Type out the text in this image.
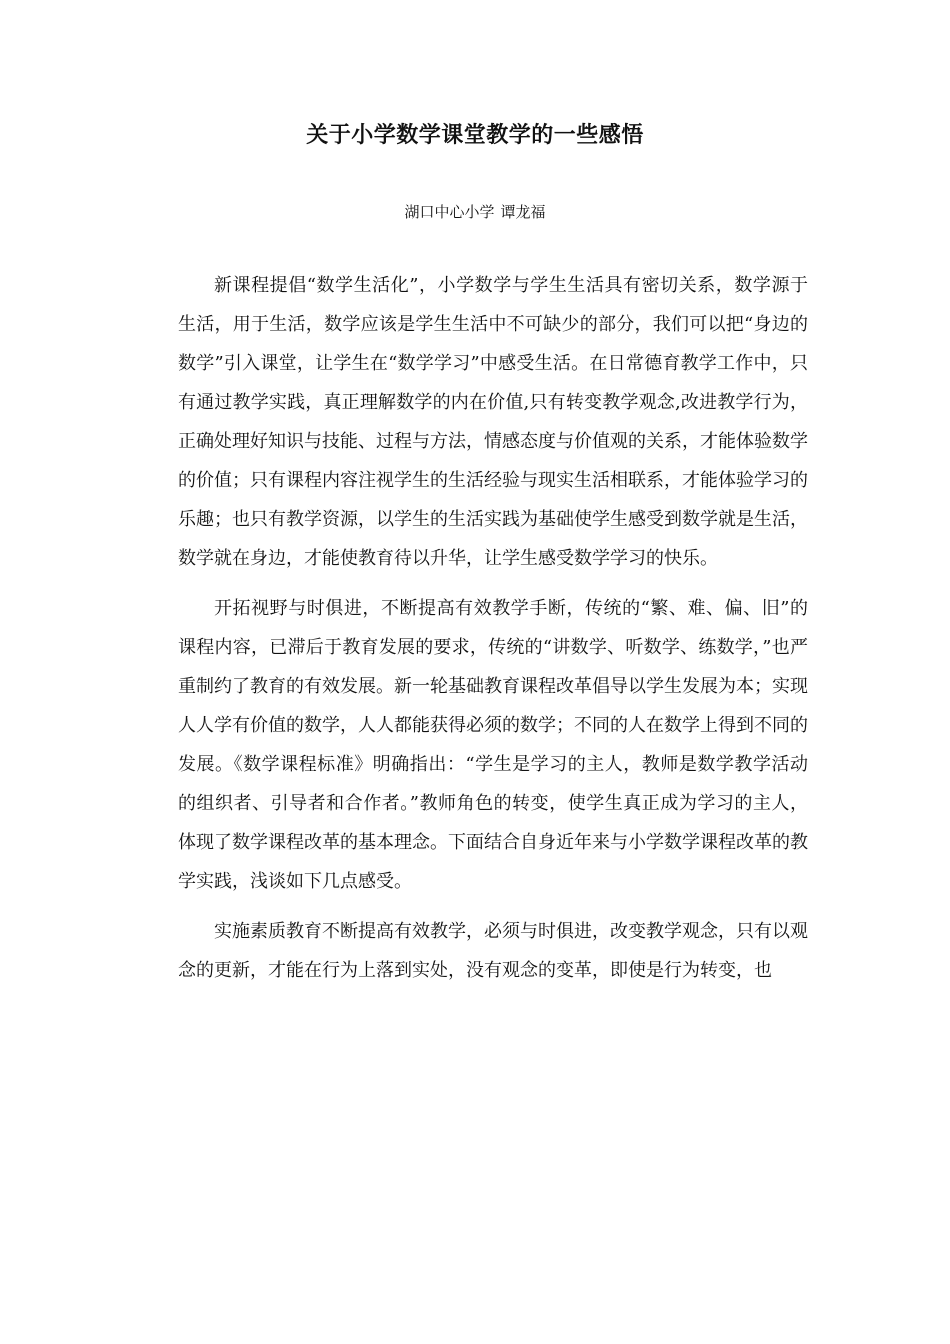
关于小学数学课堂教学的一些感悟
湖口中心小学 谭龙福

新课程提倡“数学生活化”，小学数学与学生生活具有密切关系，数学源于生活，用于生活，数学应该是学生生活中不可缺少的部分，我们可以把“身边的数学”引入课堂，让学生在“数学学习”中感受生活。在日常德育教学工作中，只有通过教学实践，真正理解数学的内在价值,只有转变教学观念,改进教学行为，正确处理好知识与技能、过程与方法，情感态度与价值观的关系，才能体验数学的价值；只有课程内容注视学生的生活经验与现实生活相联系，才能体验学习的乐趣；也只有教学资源，以学生的生活实践为基础使学生感受到数学就是生活，数学就在身边，才能使教育待以升华，让学生感受数学学习的快乐。

开拓视野与时俱进，不断提高有效教学手断，传统的“繁、难、偏、旧”的课程内容，已滞后于教育发展的要求，传统的“讲数学、听数学、练数学，”也严重制约了教育的有效发展。新一轮基础教育课程改革倡导以学生发展为本；实现人人学有价值的数学，人人都能获得必须的数学；不同的人在数学上得到不同的发展。《数学课程标准》明确指出：“学生是学习的主人，教师是数学教学活动的组织者、引导者和合作者。”教师角色的转变，使学生真正成为学习的主人，体现了数学课程改革的基本理念。下面结合自身近年来与小学数学课程改革的教学实践，浅谈如下几点感受。

实施素质教育不断提高有效教学，必须与时俱进，改变教学观念，只有以观念的更新，才能在行为上落到实处，没有观念的变革，即使是行为转变，也
